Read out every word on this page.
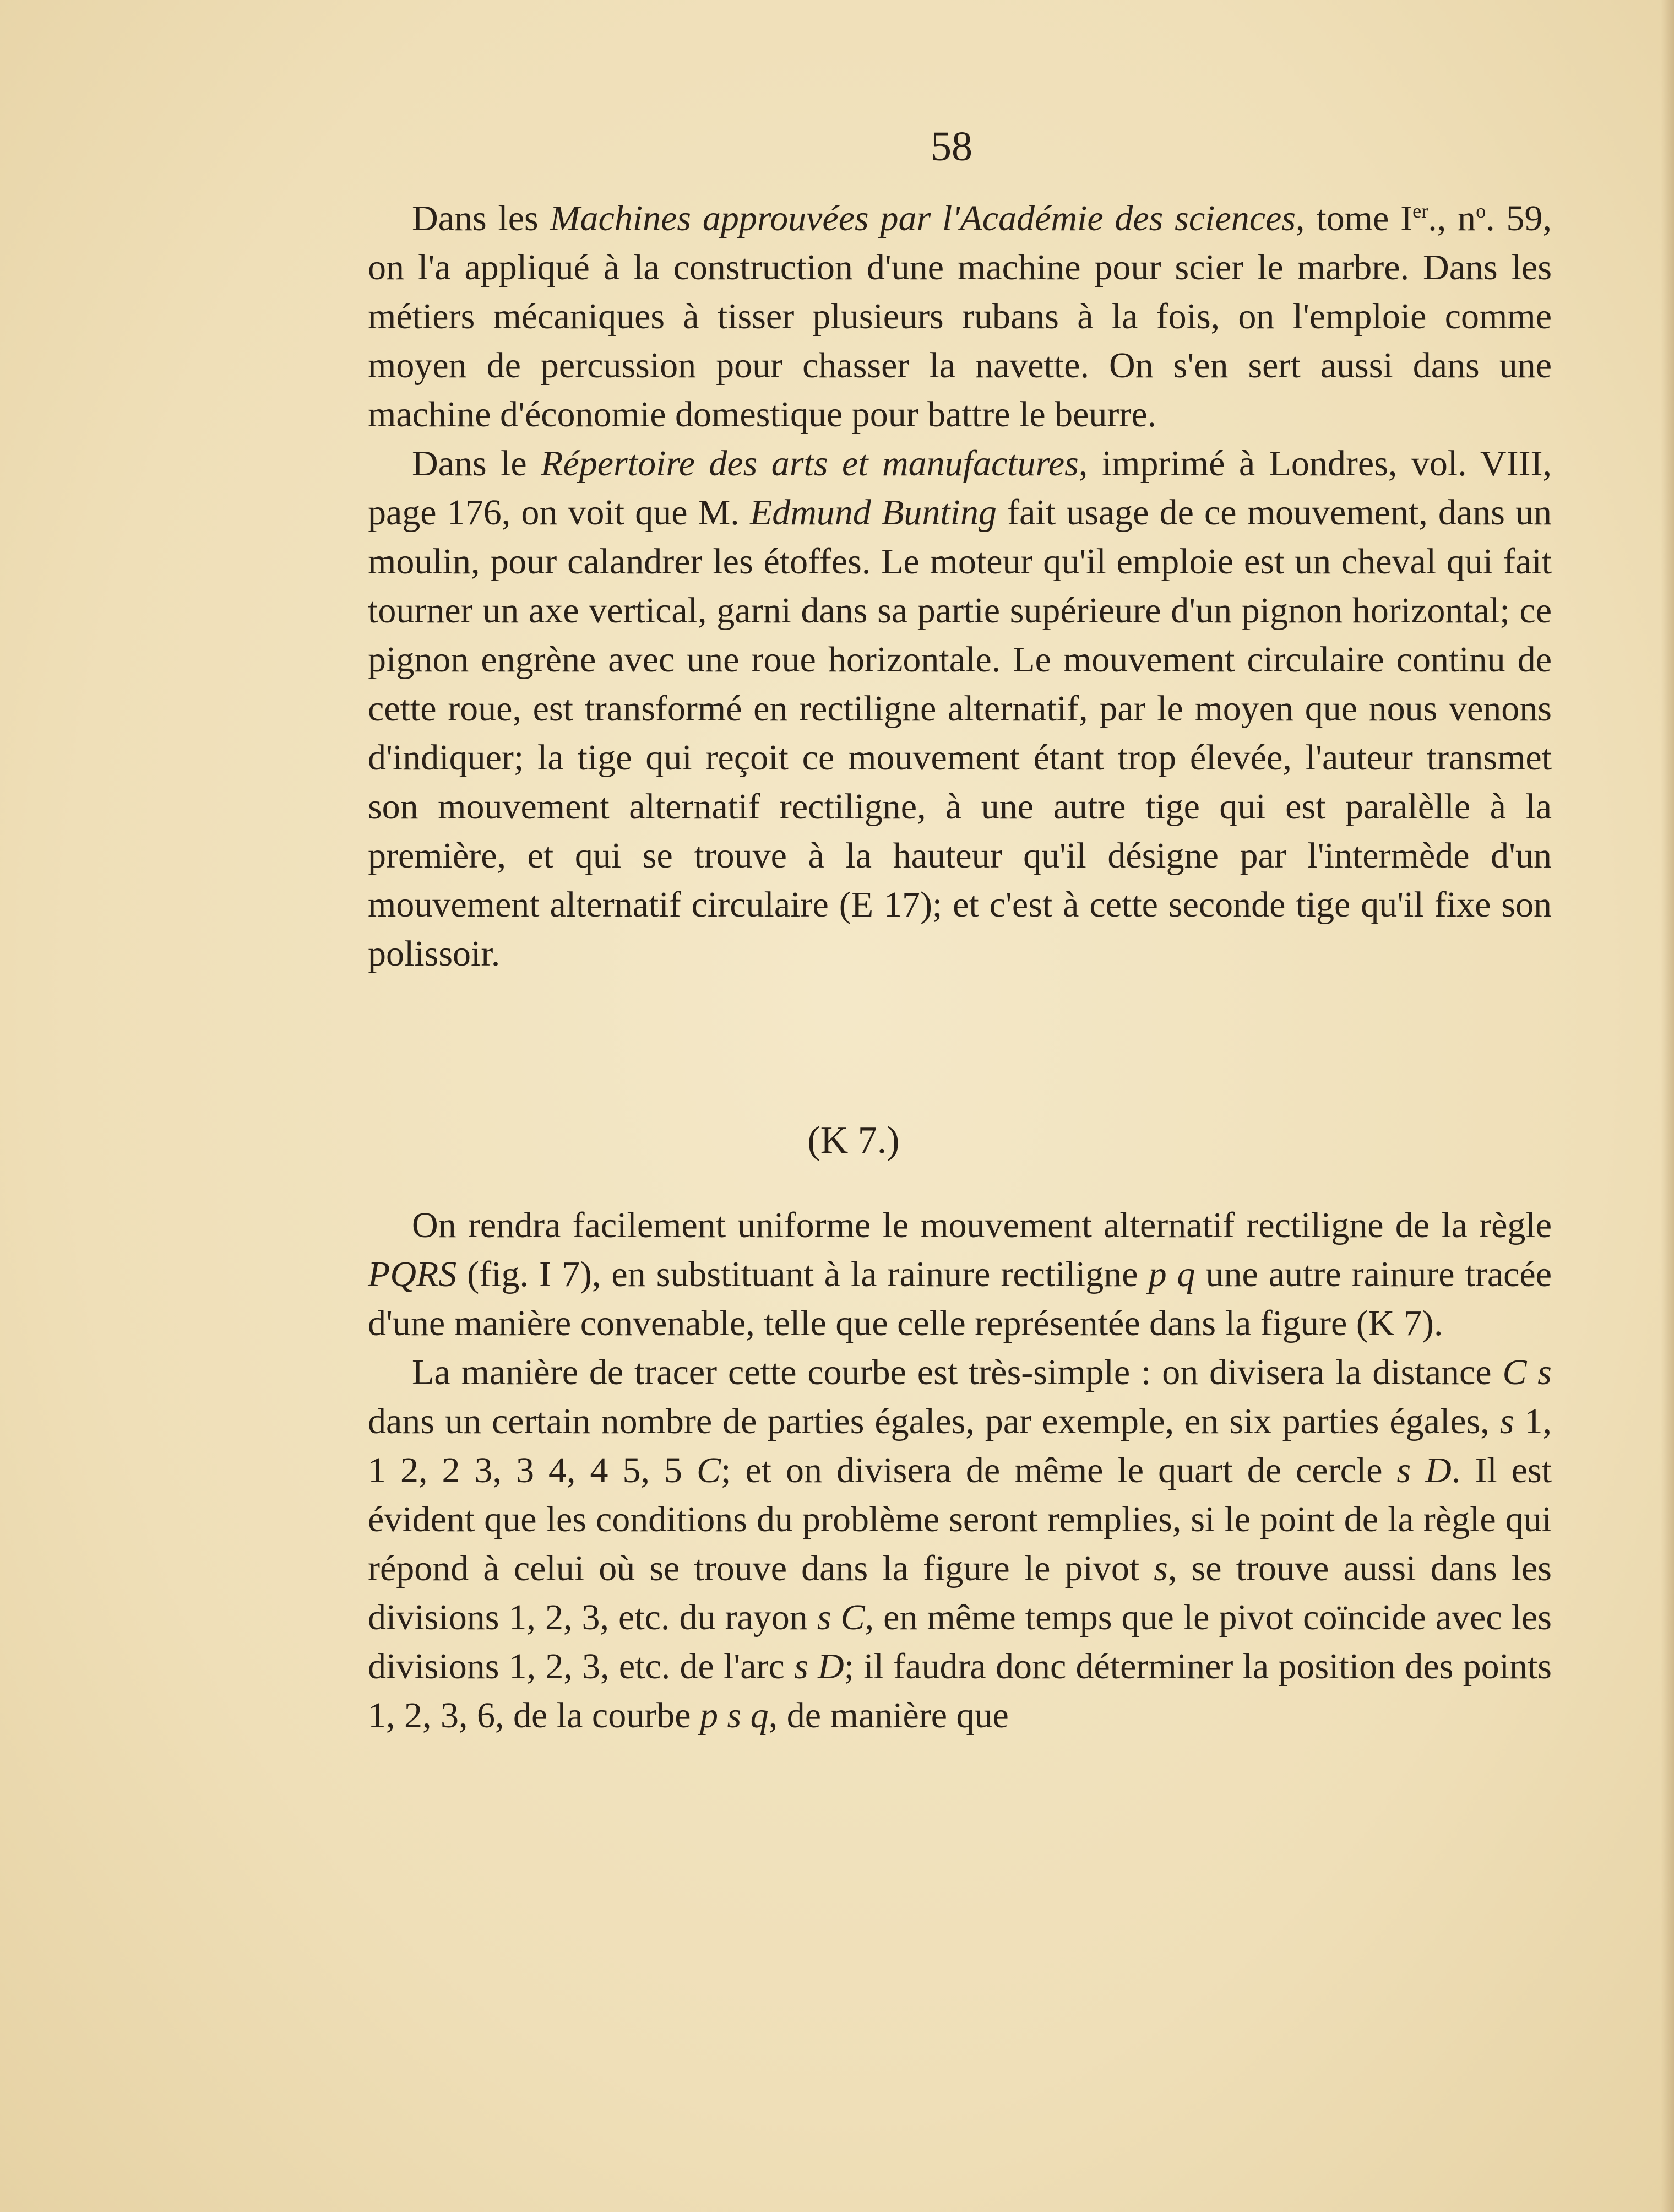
58

Dans les Machines approuvées par l'Académie des sciences, tome Ier., $n^o$. 59, on l'a appliqué à la construction d'une machine pour scier le marbre. Dans les métiers mécaniques à tisser plusieurs rubans à la fois, on l'emploie comme moyen de percussion pour chasser la navette. On s'en sert aussi dans une machine d'économie domestique pour battre le beurre.

Dans le Répertoire des arts et manufactures, imprimé à Londres, vol. VIII, page 176, on voit que M. Edmund Bunting fait usage de ce mouvement, dans un moulin, pour calandrer les étoffes. Le moteur qu'il emploie est un cheval qui fait tourner un axe vertical, garni dans sa partie supérieure d'un pignon horizontal; ce pignon engrène avec une roue horizontale. Le mouvement circulaire continu de cette roue, est transformé en rectiligne alternatif, par le moyen que nous venons d'indiquer; la tige qui reçoit ce mouvement étant trop élevée, l'auteur transmet son mouvement alternatif rectiligne, à une autre tige qui est paralèlle à la première, et qui se trouve à la hauteur qu'il désigne par l'intermède d'un mouvement alternatif circulaire (E 17); et c'est à cette seconde tige qu'il fixe son polissoir.

(K 7.)

On rendra facilement uniforme le mouvement alternatif rectiligne de la règle PQRS (fig. I 7), en substituant à la rainure rectiligne p q une autre rainure tracée d'une manière convenable, telle que celle représentée dans la figure (K 7).

La manière de tracer cette courbe est très-simple : on divisera la distance C s dans un certain nombre de parties égales, par exemple, en six parties égales, s 1, 1 2, 2 3, 3 4, 4 5, 5 C; et on divisera de même le quart de cercle s D. Il est évident que les conditions du problème seront remplies, si le point de la règle qui répond à celui où se trouve dans la figure le pivot s, se trouve aussi dans les divisions 1, 2, 3, etc. du rayon s C, en même temps que le pivot coïncide avec les divisions 1, 2, 3, etc. de l'arc s D; il faudra donc déterminer la position des points 1, 2, 3, 6, de la courbe p s q, de manière que
